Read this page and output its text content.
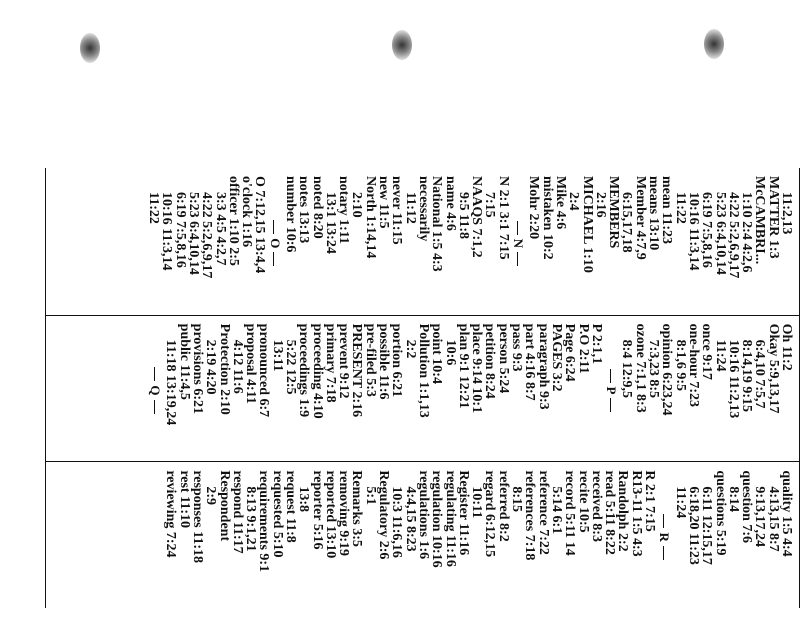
11:2,13
MATTER 1:3
McCAMBRI...
1:10 2:4 4:2,6
4:22 5:2,6,9,17
5:23 6:4,10,14
6:19 7:5,8,16
10:16 11:3,14
11:22
mean 11:23
means 13:10
Member 4:7,9
6:15,17,18
MEMBERS
2:16
MICHAEL 1:10
2:4
Mike 4:6
mistaken 10:2
Mohr 2:20
N
N 2:1 3:1 7:15
7:15
NAAQS 7:1,2
9:5 11:8
name 4:6
National 1:5 4:3
necessarily
11:12
never 11:15
new 11:5
North 1:14,14
2:10
notary 1:11
13:1 13:24
noted 8:20
notes 13:13
number 10:6
O
O 7:12,15 13:4,4
o'clock 1:16
officer 1:10 2:5
3:3 4:5 4:2,7
4:22 5:2,6,9,17
5:23 6:4,10,14
6:19 7:5,8,16
10:16 11:3,14
11:22
Oh 11:2
Okay 5:9,13,17
6:4,10 7:5,7
8:14,19 9:15
10:16 11:2,13
11:24
once 9:17
one-hour 7:23
8:1,6 9:5
opinion 6:23,24
7:3,23 8:5
ozone 7:1,1 8:3
8:4 12:9,5
P
P 2:1,1
P.O 2:11
Page 6:24
PAGES 3:2
paragraph 9:3
part 4:16 8:7
pass 9:3
person 5:24
petition 8:24
place 9:14 10:1
plan 9:1 12:21
10:6
point 10:4
Pollution 1:1,13
2:2
portion 6:21
possible 11:6
pre-filed 5:3
PRESENT 2:16
prevent 9:12
primary 7:18
proceeding 4:10
proceedings 1:9
5:22 12:5
13:11
pronounced 6:7
proposal 4:11
4:12 11:6
Protection 2:10
2:19 4:20
provisions 6:21
public 11:4,5
11:18 13:19,24
Q
quality 1:5 4:4
4:13,15 8:7
9:13,17,24
question 7:6
8:14
questions 5:19
6:11 12:15,17
6:18,20 11:23
11:24
R
R 2:1 7:15
R13-11 1:5 4:3
Randolph 2:2
read 5:11 8:22
received 8:3
recite 10:5
record 5:11 14
5:14 6:1
reference 7:22
references 7:18
8:15
referred 8:2
regard 6:12,15
10:11
Register 11:16
regulating 11:16
regulation 10:16
regulations 1:6
4:4,15 8:23
10:3 11:6,16
Regulatory 2:6
5:1
Remarks 3:5
removing 9:19
reported 13:10
reporter 5:16
13:8
request 11:8
requested 5:10
requirements 9:1
8:13 9:1,21
respond 11:17
Respondent
2:9
responses 11:18
rest 11:10
reviewing 7:24
